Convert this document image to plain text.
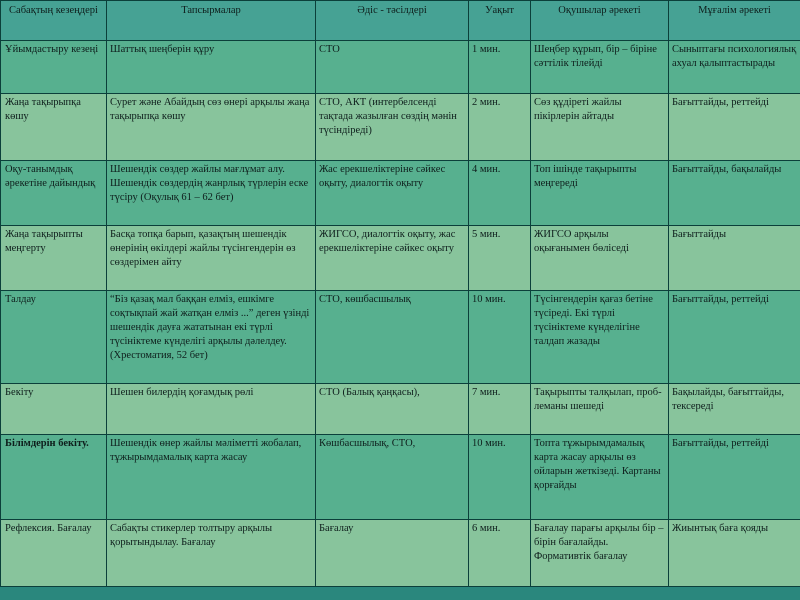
Сабақтың кезеңдері	Тапсырмалар	Әдіс - тәсілдері	Уақыт	Оқушылар әрекеті	Мұғалім әрекеті
Ұйымдастыру кезеңі	Шаттық шеңберін құру	СТО	1 мин.	Шеңбер құрып, бір – біріне сәттілік тілейді	Сыныптағы психологиялық ахуал қалыптастырады
Жаңа тақырыпқа көшу	Сурет және Абайдың сөз өнері арқылы жаңа тақырыпқа көшу	СТО, АКТ (интербелсенді тақтада жазылған сөздің мәнін түсіндіреді)	2 мин.	Сөз құдіреті жайлы пікірлерін айтады	Бағыттайды, реттейді
Оқу-танымдық әрекетіне дайындық	Шешендік сөздер жайлы мағлұмат алу. Шешендік сөздердің жанрлық түрлерін еске түсіру (Оқулық 61 – 62 бет)	Жас ерекшеліктеріне сәйкес оқыту, диалогтік оқыту	4 мин.	Топ ішінде тақырыпты меңгереді	Бағыттайды, бақылайды
Жаңа тақырыпты меңгерту	Басқа топқа барып, қазақтың шешендік өнерінің өкілдері жайлы түсінгендерін өз сөздерімен айту	ЖИГСО, диалогтік оқыту, жас ерекшеліктеріне сәйкес оқыту	5 мин.	ЖИГСО арқылы оқығанымен бөліседі	Бағыттайды
Талдау	“Біз қазақ мал баққан елміз, ешкімге соқтықпай жай жатқан елміз ...” деген үзінді шешендік дауға жататынан екі түрлі түсініктеме күнделігі арқылы дәлелдеу. (Хрестоматия, 52 бет)	СТО, көшбасшылық	10 мин.	Түсінгендерін қағаз бетіне түсіреді. Екі түрлі түсініктеме күнделігіне талдап жазады	Бағыттайды, реттейді
Бекіту	Шешен билердің қоғамдық рөлі	СТО (Балық қаңқасы),	7 мин.	Тақырыпты талқылап, проб-леманы шешеді	Бақылайды, бағыттайды, тексереді
Білімдерін бекіту.	Шешендік өнер жайлы мәліметті жобалап, тұжырымдамалық карта жасау	Көшбасшылық, СТО,	10 мин.	Топта тұжырымдамалық карта жасау арқылы өз ойларын жеткізеді. Картаны қорғайды	Бағыттайды, реттейді
Рефлексия. Бағалау	Сабақты стикерлер толтыру арқылы қорытындылау. Бағалау	Бағалау	6 мин.	Бағалау парағы арқылы бір – бірін бағалайды. Формативтік бағалау	Жиынтық баға қояды
